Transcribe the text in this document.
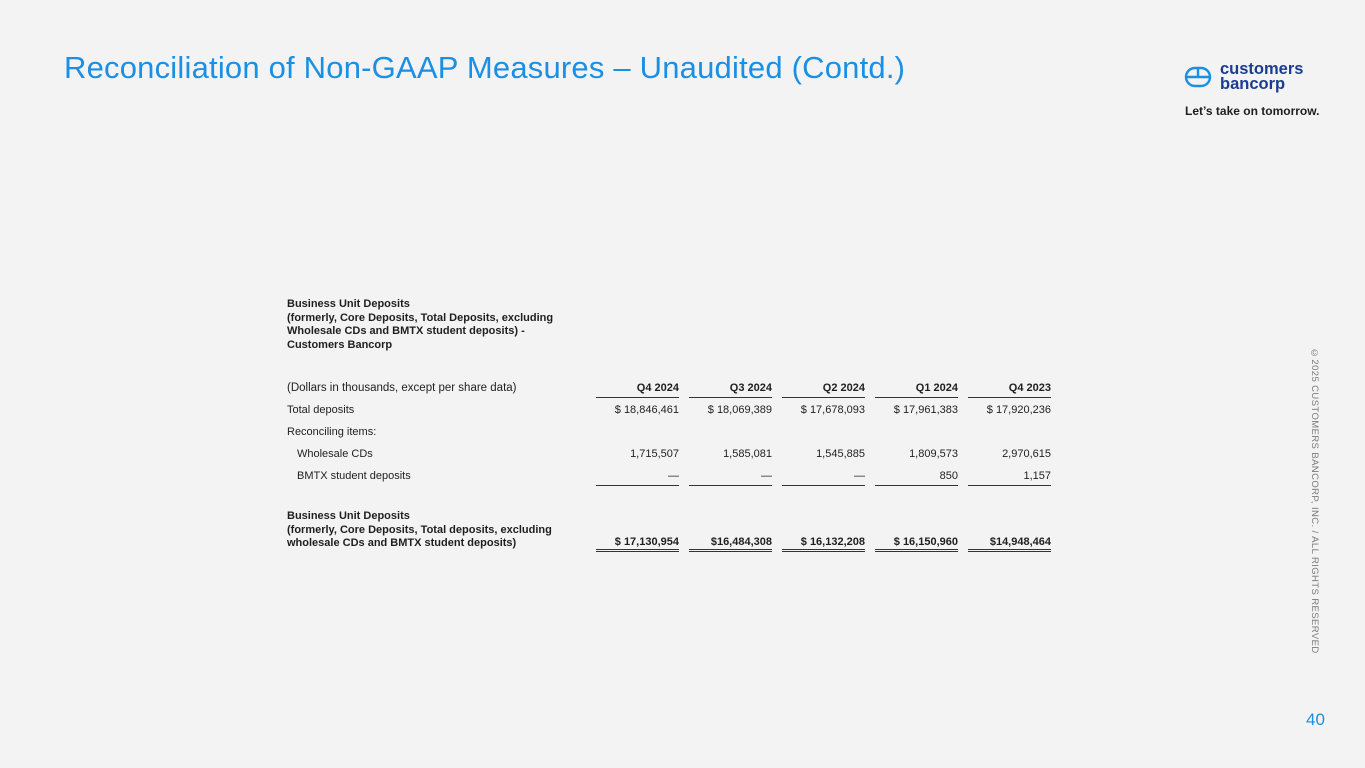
Reconciliation of Non-GAAP Measures – Unaudited (Contd.)	customers
bancorp
Let’s take on tomorrow.
©2025 CUSTOMERS BANCORP, INC. / ALL RIGHTS RESERVED
40
Business Unit Deposits
(formerly, Core Deposits, Total Deposits, excluding
Wholesale CDs and BMTX student deposits) -
Customers Bancorp
(Dollars in thousands, except per share data)	Q4 2024	Q3 2024	Q2 2024	Q1 2024	Q4 2023
Total deposits	$ 18,846,461	$ 18,069,389	$ 17,678,093	$ 17,961,383	$ 17,920,236
Reconciling items:
Wholesale CDs	1,715,507	1,585,081	1,545,885	1,809,573	2,970,615
BMTX student deposits	—	—	—	850	1,157
Business Unit Deposits
(formerly, Core Deposits, Total deposits, excluding
wholesale CDs and BMTX student deposits)	$ 17,130,954	$16,484,308	$ 16,132,208	$ 16,150,960	$14,948,464
